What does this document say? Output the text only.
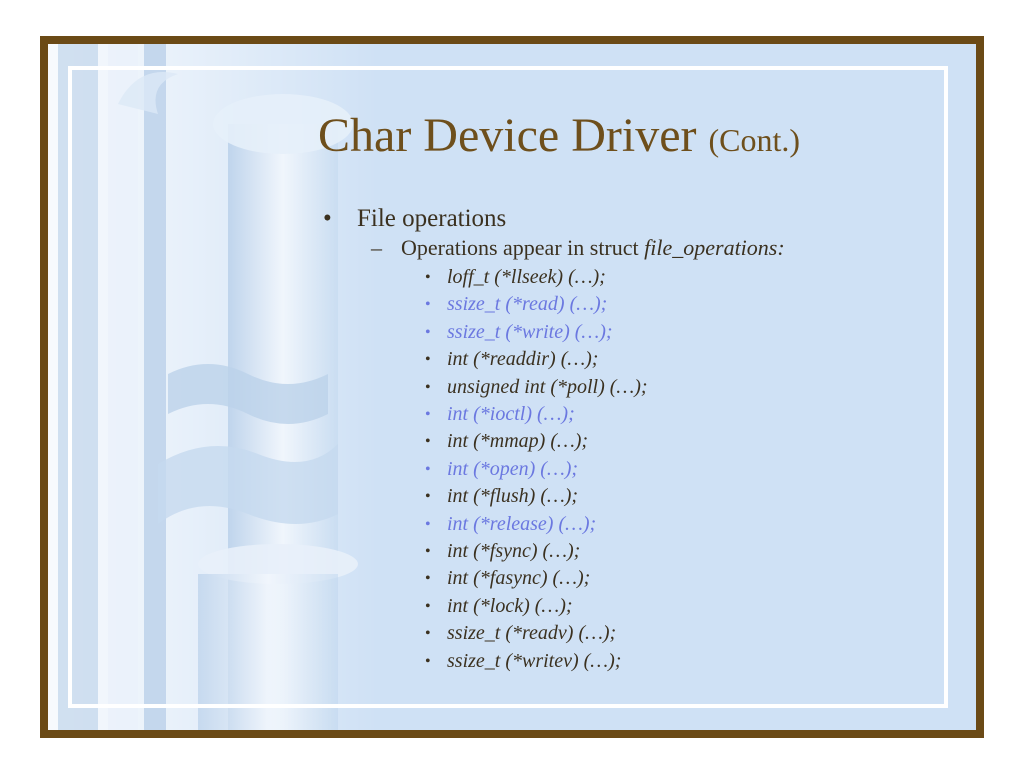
Char Device Driver (Cont.)
• File operations
– Operations appear in struct file_operations:
• loff_t (*llseek) (…);
• ssize_t (*read) (…);
• ssize_t (*write) (…);
• int (*readdir) (…);
• unsigned int (*poll) (…);
• int (*ioctl) (…);
• int (*mmap) (…);
• int (*open) (…);
• int (*flush) (…);
• int (*release) (…);
• int (*fsync) (…);
• int (*fasync) (…);
• int (*lock) (…);
• ssize_t (*readv) (…);
• ssize_t (*writev) (…);
